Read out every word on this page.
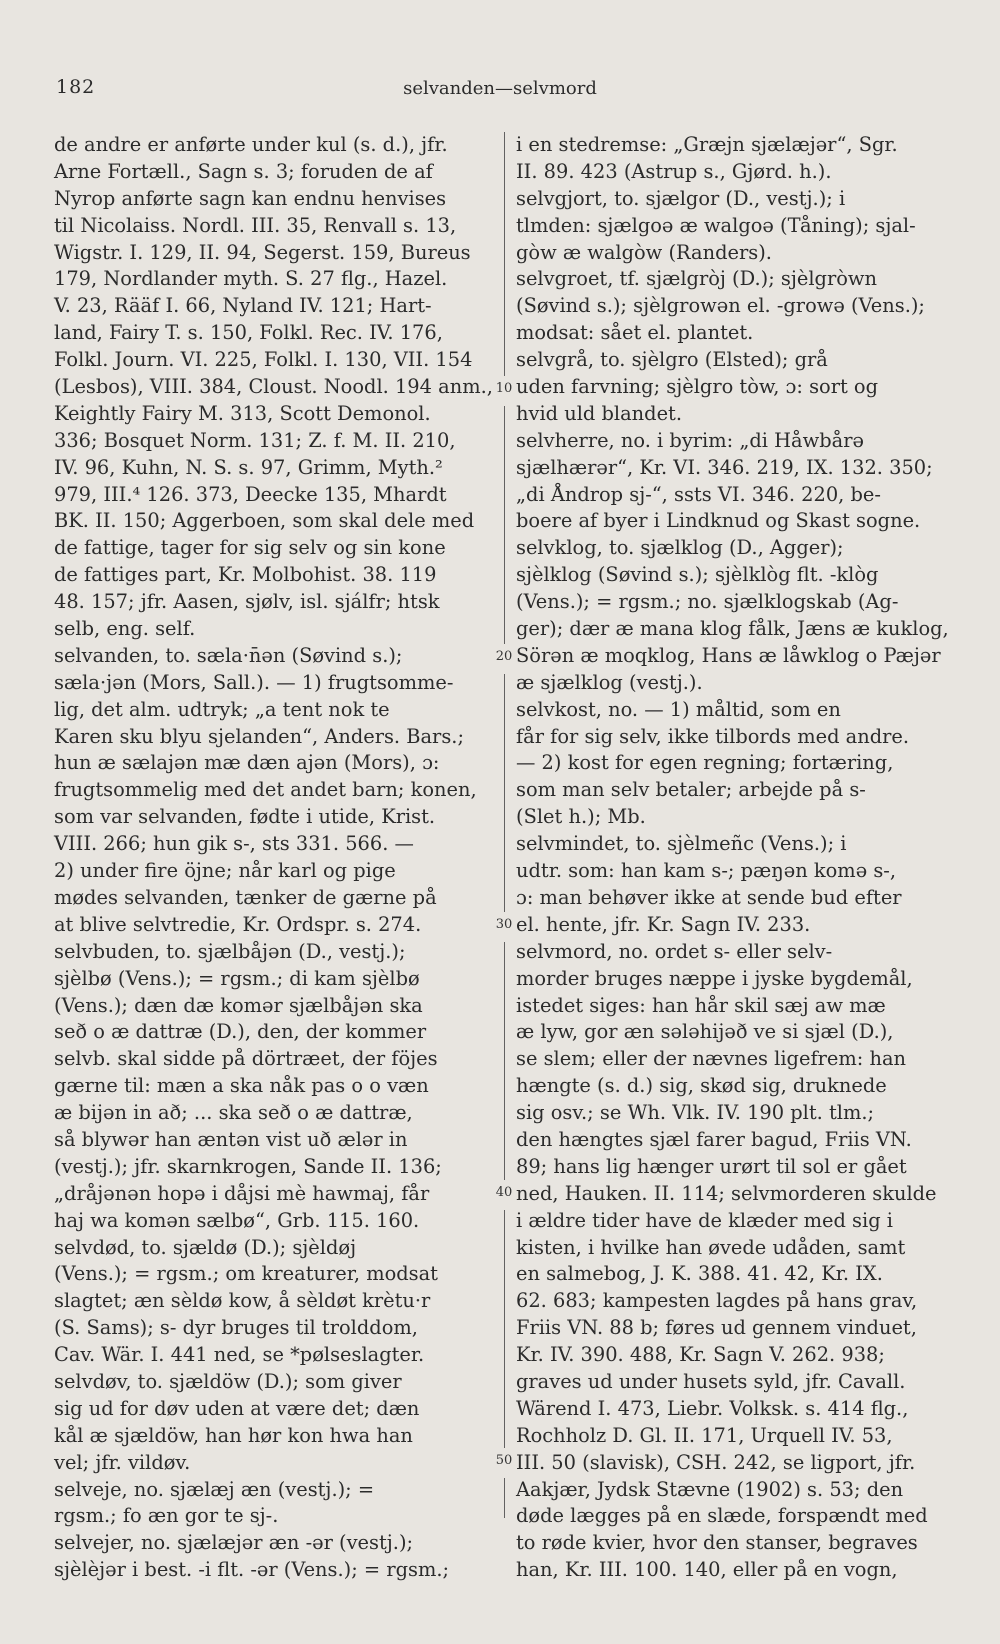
182	selvanden—selvmord
10
20
30
40
50
de andre er anførte under kul (s. d.), jfr.
Arne Fortæll., Sagn s. 3; foruden de af
Nyrop anførte sagn kan endnu henvises
til Nicolaiss. Nordl. III. 35, Renvall s. 13,
Wigstr. I. 129, II. 94, Segerst. 159, Bureus
179, Nordlander myth. S. 27 flg., Hazel.
V. 23, Rääf I. 66, Nyland IV. 121; Hart-
land, Fairy T. s. 150, Folkl. Rec. IV. 176,
Folkl. Journ. VI. 225, Folkl. I. 130, VII. 154
(Lesbos), VIII. 384, Cloust. Noodl. 194 anm.,
Keightly Fairy M. 313, Scott Demonol.
336; Bosquet Norm. 131; Z. f. M. II. 210,
IV. 96, Kuhn, N. S. s. 97, Grimm, Myth.²
979, III.⁴ 126. 373, Deecke 135, Mhardt
BK. II. 150; Aggerboen, som skal dele med
de fattige, tager for sig selv og sin kone
de fattiges part, Kr. Molbohist. 38. 119
48. 157; jfr. Aasen, sjølv, isl. sjálfr; htsk
selb, eng. self.
selvanden, to. sæla·n̄ən (Søvind s.);
sæla·jən (Mors, Sall.). — 1) frugtsomme-
lig, det alm. udtryk; „a tent nok te
Karen sku blyu sjelanden“, Anders. Bars.;
hun æ sælajən mæ dæn ajən (Mors), ɔ:
frugtsommelig med det andet barn; konen,
som var selvanden, fødte i utide, Krist.
VIII. 266; hun gik s-, sts 331. 566. —
2) under fire öjne; når karl og pige
mødes selvanden, tænker de gærne på
at blive selvtredie, Kr. Ordspr. s. 274.
selvbuden, to. sjælbåjən (D., vestj.);
sjèlbø (Vens.); = rgsm.; di kam sjèlbø
(Vens.); dæn dæ komər sjælbåjən ska
seð o æ dattræ (D.), den, der kommer
selvb. skal sidde på dörtræet, der föjes
gærne til: mæn a ska nåk pas o o væn
æ bijən in að; ... ska seð o æ dattræ,
så blywər han æntən vist uð ælər in
(vestj.); jfr. skarnkrogen, Sande II. 136;
„dråjənən hopə i dåjsi mè hawmaj, får
haj wa komən sælbø“, Grb. 115. 160.
selvdød, to. sjældø (D.); sjèldøj
(Vens.); = rgsm.; om kreaturer, modsat
slagtet; æn sèldø kow, å sèldøt krètu·r
(S. Sams); s- dyr bruges til trolddom,
Cav. Wär. I. 441 ned, se *pølseslagter.
selvdøv, to. sjældöw (D.); som giver
sig ud for døv uden at være det; dæn
kål æ sjældöw, han hør kon hwa han
vel; jfr. vildøv.
selveje, no. sjælæj æn (vestj.); =
rgsm.; fo æn gor te sj-.
selvejer, no. sjælæjər æn -ər (vestj.);
sjèlèjər i best. -i flt. -ər (Vens.); = rgsm.;
i en stedremse: „Græjn sjælæjər“, Sgr.
II. 89. 423 (Astrup s., Gjørd. h.).
selvgjort, to. sjælgor (D., vestj.); i
tlmden: sjælgoə æ walgoə (Tåning); sjal-
gòw æ walgòw (Randers).
selvgroet, tf. sjælgròj (D.); sjèlgròwn
(Søvind s.); sjèlgrowən el. -growə (Vens.);
modsat: sået el. plantet.
selvgrå, to. sjèlgro (Elsted); grå
uden farvning; sjèlgro tòw, ɔ: sort og
hvid uld blandet.
selvherre, no. i byrim: „di Håwbårə
sjælhærər“, Kr. VI. 346. 219, IX. 132. 350;
„di Åndrop sj-“, ssts VI. 346. 220, be-
boere af byer i Lindknud og Skast sogne.
selvklog, to. sjælklog (D., Agger);
sjèlklog (Søvind s.); sjèlklòg flt. -klòg
(Vens.); = rgsm.; no. sjælklogskab (Ag-
ger); dær æ mana klog fålk, Jæns æ kuklog,
Sörən æ moqklog, Hans æ låwklog o Pæjər
æ sjælklog (vestj.).
selvkost, no. — 1) måltid, som en
får for sig selv, ikke tilbords med andre.
— 2) kost for egen regning; fortæring,
som man selv betaler; arbejde på s-
(Slet h.); Mb.
selvmindet, to. sjèlmeñc (Vens.); i
udtr. som: han kam s-; pæŋən komə s-,
ɔ: man behøver ikke at sende bud efter
el. hente, jfr. Kr. Sagn IV. 233.
selvmord, no. ordet s- eller selv-
morder bruges næppe i jyske bygdemål,
istedet siges: han hår skil sæj aw mæ
æ lyw, gor æn sələhijəð ve si sjæl (D.),
se slem; eller der nævnes ligefrem: han
hængte (s. d.) sig, skød sig, druknede
sig osv.; se Wh. Vlk. IV. 190 plt. tlm.;
den hængtes sjæl farer bagud, Friis VN.
89; hans lig hænger urørt til sol er gået
ned, Hauken. II. 114; selvmorderen skulde
i ældre tider have de klæder med sig i
kisten, i hvilke han øvede udåden, samt
en salmebog, J. K. 388. 41. 42, Kr. IX.
62. 683; kampesten lagdes på hans grav,
Friis VN. 88 b; føres ud gennem vinduet,
Kr. IV. 390. 488, Kr. Sagn V. 262. 938;
graves ud under husets syld, jfr. Cavall.
Wärend I. 473, Liebr. Volksk. s. 414 flg.,
Rochholz D. Gl. II. 171, Urquell IV. 53,
III. 50 (slavisk), CSH. 242, se ligport, jfr.
Aakjær, Jydsk Stævne (1902) s. 53; den
døde lægges på en slæde, forspændt med
to røde kvier, hvor den stanser, begraves
han, Kr. III. 100. 140, eller på en vogn,
